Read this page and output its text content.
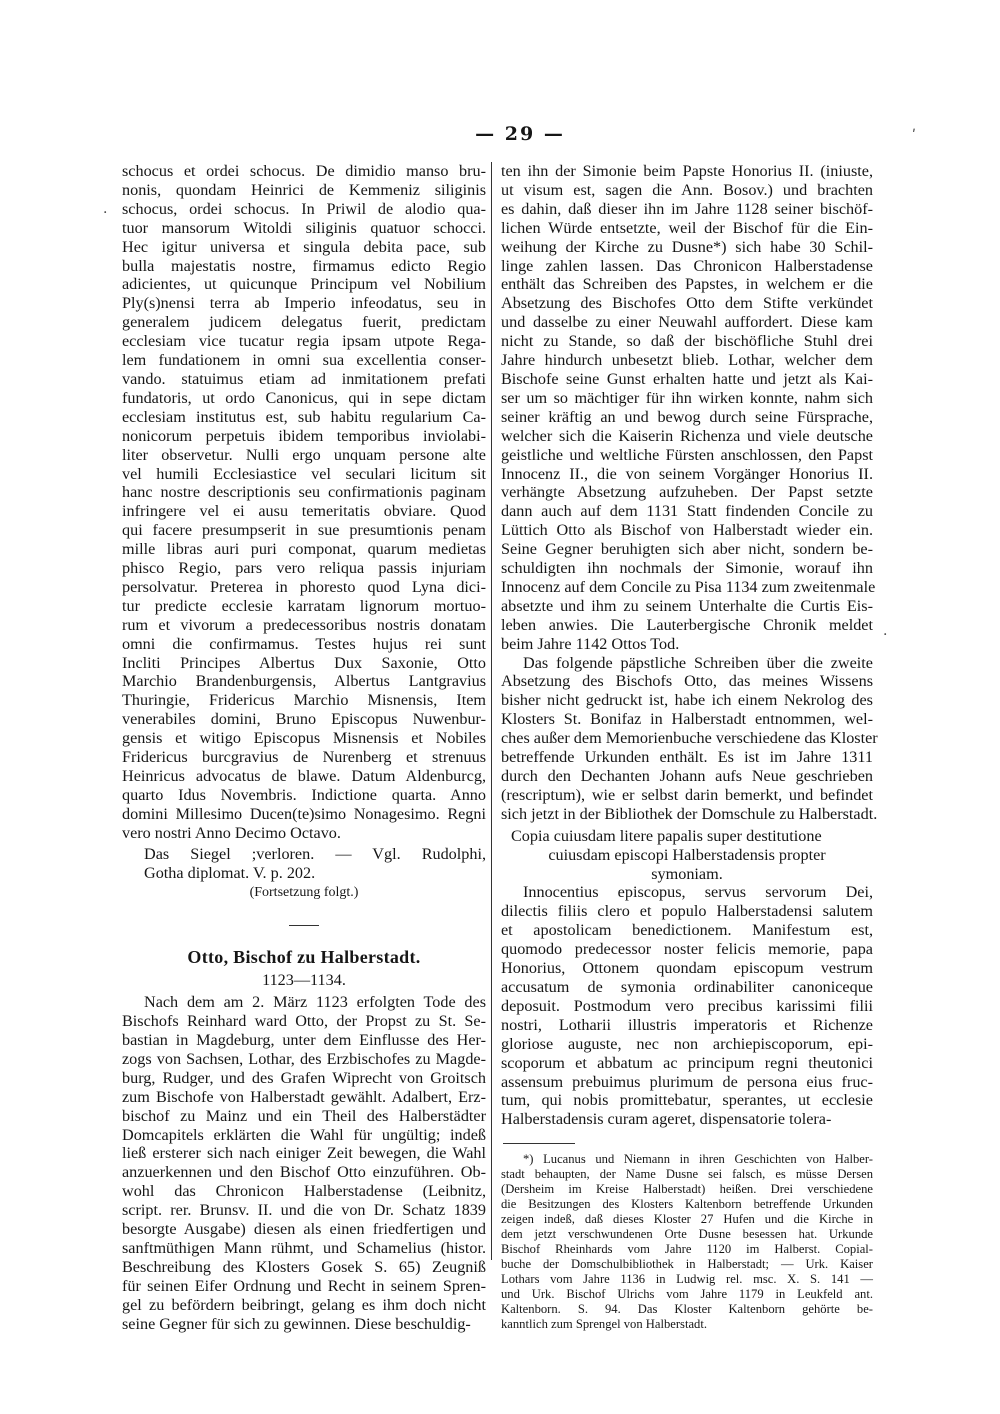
— 29 —
schocus et ordei schocus. De dimidio manso bru-
nonis, quondam Heinrici de Kemmeniz siliginis
schocus, ordei schocus. In Priwil de alodio qua-
tuor mansorum Witoldi siliginis quatuor schocci.
Hec igitur universa et singula debita pace, sub
bulla majestatis nostre, firmamus edicto Regio
adicientes, ut quicunque Principum vel Nobilium
Ply(s)nensi terra ab Imperio infeodatus, seu in
generalem judicem delegatus fuerit, predictam
ecclesiam vice tucatur regia ipsam utpote Rega-
lem fundationem in omni sua excellentia conser-
vando. statuimus etiam ad inmitationem prefati
fundatoris, ut ordo Canonicus, qui in sepe dictam
ecclesiam institutus est, sub habitu regularium Ca-
nonicorum perpetuis ibidem temporibus inviolabi-
liter observetur. Nulli ergo unquam persone alte
vel humili Ecclesiastice vel seculari licitum sit
hanc nostre descriptionis seu confirmationis paginam
infringere vel ei ausu temeritatis obviare. Quod
qui facere presumpserit in sue presumtionis penam
mille libras auri puri componat, quarum medietas
phisco Regio, pars vero reliqua passis injuriam
persolvatur. Preterea in phoresto quod Lyna dici-
tur predicte ecclesie karratam lignorum mortuo-
rum et vivorum a predecessoribus nostris donatam
omni die confirmamus. Testes hujus rei sunt
Incliti Principes Albertus Dux Saxonie, Otto
Marchio Brandenburgensis, Albertus Lantgravius
Thuringie, Fridericus Marchio Misnensis, Item
venerabiles domini, Bruno Episcopus Nuwenbur-
gensis et witigo Episcopus Misnensis et Nobiles
Fridericus burcgravius de Nurenberg et strenuus
Heinricus advocatus de blawe. Datum Aldenburcg,
quarto Idus Novembris. Indictione quarta. Anno
domini Millesimo Ducen(te)simo Nonagesimo. Regni
vero nostri Anno Decimo Octavo.

Das Siegel ;verloren. — Vgl. Rudolphi,
Gotha diplomat. V. p. 202.

(Fortsetzung folgt.)

Otto, Bischof zu Halberstadt.

1123—1134.

Nach dem am 2. März 1123 erfolgten Tode des
Bischofs Reinhard ward Otto, der Propst zu St. Se-
bastian in Magdeburg, unter dem Einflusse des Her-
zogs von Sachsen, Lothar, des Erzbischofes zu Magde-
burg, Rudger, und des Grafen Wiprecht von Groitsch
zum Bischofe von Halberstadt gewählt. Adalbert, Erz-
bischof zu Mainz und ein Theil des Halberstädter
Domcapitels erklärten die Wahl für ungültig; indeß
ließ ersterer sich nach einiger Zeit bewegen, die Wahl
anzuerkennen und den Bischof Otto einzuführen. Ob-
wohl das Chronicon Halberstadense (Leibnitz,
script. rer. Brunsv. II. und die von Dr. Schatz 1839
besorgte Ausgabe) diesen als einen friedfertigen und
sanftmüthigen Mann rühmt, und Schamelius (histor.
Beschreibung des Klosters Gosek S. 65) Zeugniß
für seinen Eifer Ordnung und Recht in seinem Spren-
gel zu befördern beibringt, gelang es ihm doch nicht
seine Gegner für sich zu gewinnen. Diese beschuldig-
ten ihn der Simonie beim Papste Honorius II. (iniuste,
ut visum est, sagen die Ann. Bosov.) und brachten
es dahin, daß dieser ihn im Jahre 1128 seiner bischöf-
lichen Würde entsetzte, weil der Bischof für die Ein-
weihung der Kirche zu Dusne*) sich habe 30 Schil-
linge zahlen lassen. Das Chronicon Halberstadense
enthält das Schreiben des Papstes, in welchem er die
Absetzung des Bischofes Otto dem Stifte verkündet
und dasselbe zu einer Neuwahl auffordert. Diese kam
nicht zu Stande, so daß der bischöfliche Stuhl drei
Jahre hindurch unbesetzt blieb. Lothar, welcher dem
Bischofe seine Gunst erhalten hatte und jetzt als Kai-
ser um so mächtiger für ihn wirken konnte, nahm sich
seiner kräftig an und bewog durch seine Fürsprache,
welcher sich die Kaiserin Richenza und viele deutsche
geistliche und weltliche Fürsten anschlossen, den Papst
Innocenz II., die von seinem Vorgänger Honorius II.
verhängte Absetzung aufzuheben. Der Papst setzte
dann auch auf dem 1131 Statt findenden Concile zu
Lüttich Otto als Bischof von Halberstadt wieder ein.
Seine Gegner beruhigten sich aber nicht, sondern be-
schuldigten ihn nochmals der Simonie, worauf ihn
Innocenz auf dem Concile zu Pisa 1134 zum zweitenmale
absetzte und ihm zu seinem Unterhalte die Curtis Eis-
leben anwies. Die Lauterbergische Chronik meldet
beim Jahre 1142 Ottos Tod.
Das folgende päpstliche Schreiben über die zweite
Absetzung des Bischofs Otto, das meines Wissens
bisher nicht gedruckt ist, habe ich einem Nekrolog des
Klosters St. Bonifaz in Halberstadt entnommen, wel-
ches außer dem Memorienbuche verschiedene das Kloster
betreffende Urkunden enthält. Es ist im Jahre 1311
durch den Dechanten Johann aufs Neue geschrieben
(rescriptum), wie er selbst darin bemerkt, und befindet
sich jetzt in der Bibliothek der Domschule zu Halberstadt.

Copia cuiusdam litere papalis super destitutione
cuiusdam episcopi Halberstadensis propter
symoniam.

Innocentius episcopus, servus servorum Dei,
dilectis filiis clero et populo Halberstadensi salutem
et apostolicam benedictionem. Manifestum est,
quomodo predecessor noster felicis memorie, papa
Honorius, Ottonem quondam episcopum vestrum
accusatum de symonia ordinabiliter canoniceque
deposuit. Postmodum vero precibus karissimi filii
nostri, Lotharii illustris imperatoris et Richenze
gloriose auguste, nec non archiepiscoporum, epi-
scoporum et abbatum ac principum regni theutonici
assensum prebuimus plurimum de persona eius fruc-
tum, qui nobis promittebatur, sperantes, ut ecclesie
Halberstadensis curam ageret, dispensatorie tolera-
*) Lucanus und Niemann in ihren Geschichten von Halber-
stadt behaupten, der Name Dusne sei falsch, es müsse Dersen
(Dersheim im Kreise Halberstadt) heißen. Drei verschiedene
die Besitzungen des Klosters Kaltenborn betreffende Urkunden
zeigen indeß, daß dieses Kloster 27 Hufen und die Kirche in
dem jetzt verschwundenen Orte Dusne besessen hat. Urkunde
Bischof Rheinhards vom Jahre 1120 im Halberst. Copial-
buche der Domschulbibliothek in Halberstadt; — Urk. Kaiser
Lothars vom Jahre 1136 in Ludwig rel. msc. X. S. 141 —
und Urk. Bischof Ulrichs vom Jahre 1179 in Leukfeld ant.
Kaltenborn. S. 94. Das Kloster Kaltenborn gehörte be-
kanntlich zum Sprengel von Halberstadt.
·
·
ʹ
